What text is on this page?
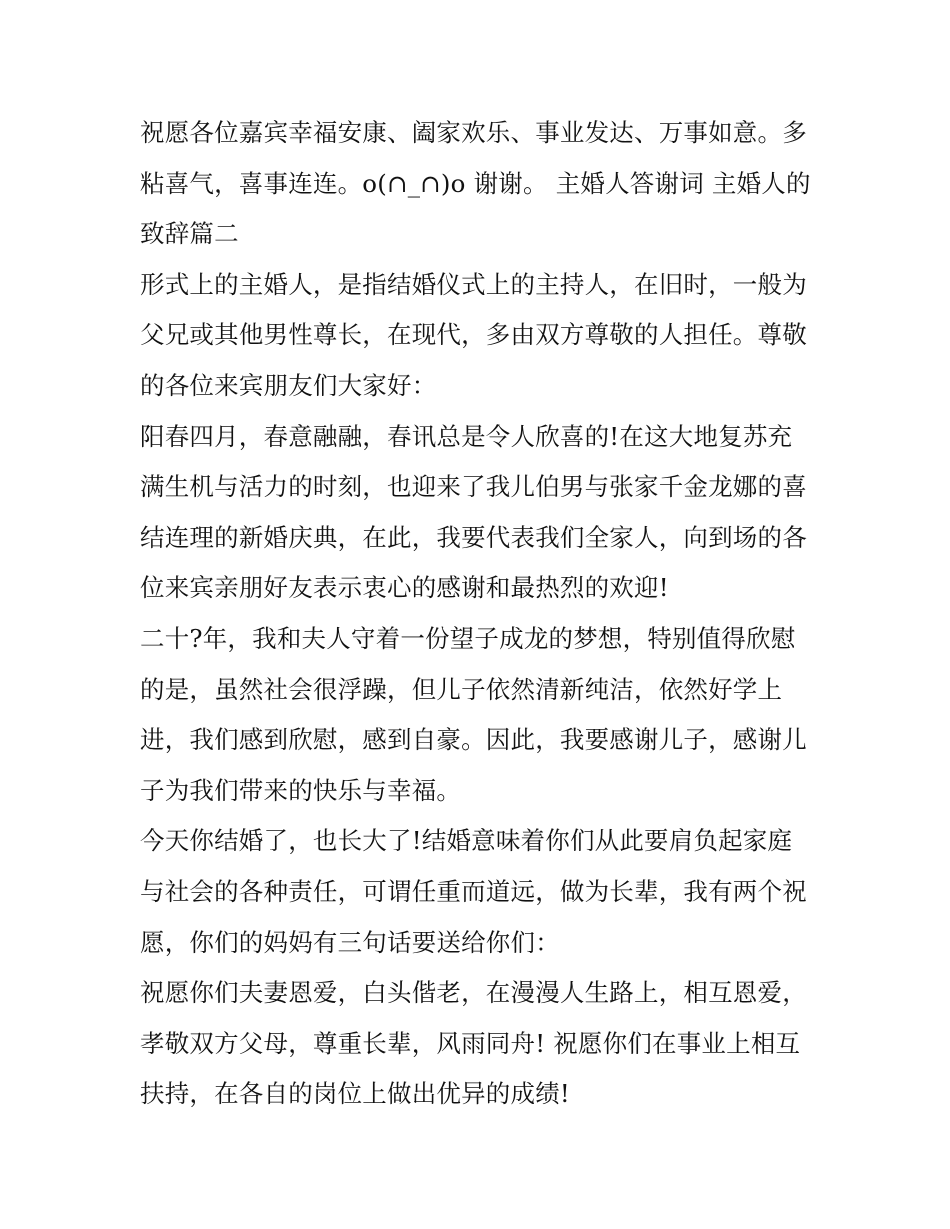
祝愿各位嘉宾幸福安康、阖家欢乐、事业发达、万事如意。多
粘喜气，喜事连连。o(∩_∩)o 谢谢。 主婚人答谢词 主婚人的
致辞篇二
形式上的主婚人，是指结婚仪式上的主持人，在旧时，一般为
父兄或其他男性尊长，在现代，多由双方尊敬的人担任。尊敬
的各位来宾朋友们大家好：
阳春四月，春意融融，春讯总是令人欣喜的!在这大地复苏充
满生机与活力的时刻，也迎来了我儿伯男与张家千金龙娜的喜
结连理的新婚庆典，在此，我要代表我们全家人，向到场的各
位来宾亲朋好友表示衷心的感谢和最热烈的欢迎!
二十?年，我和夫人守着一份望子成龙的梦想，特别值得欣慰
的是，虽然社会很浮躁，但儿子依然清新纯洁，依然好学上
进，我们感到欣慰，感到自豪。因此，我要感谢儿子，感谢儿
子为我们带来的快乐与幸福。
今天你结婚了，也长大了!结婚意味着你们从此要肩负起家庭
与社会的各种责任，可谓任重而道远，做为长辈，我有两个祝
愿，你们的妈妈有三句话要送给你们：
祝愿你们夫妻恩爱，白头偕老，在漫漫人生路上，相互恩爱，
孝敬双方父母，尊重长辈，风雨同舟! 祝愿你们在事业上相互
扶持，在各自的岗位上做出优异的成绩!
